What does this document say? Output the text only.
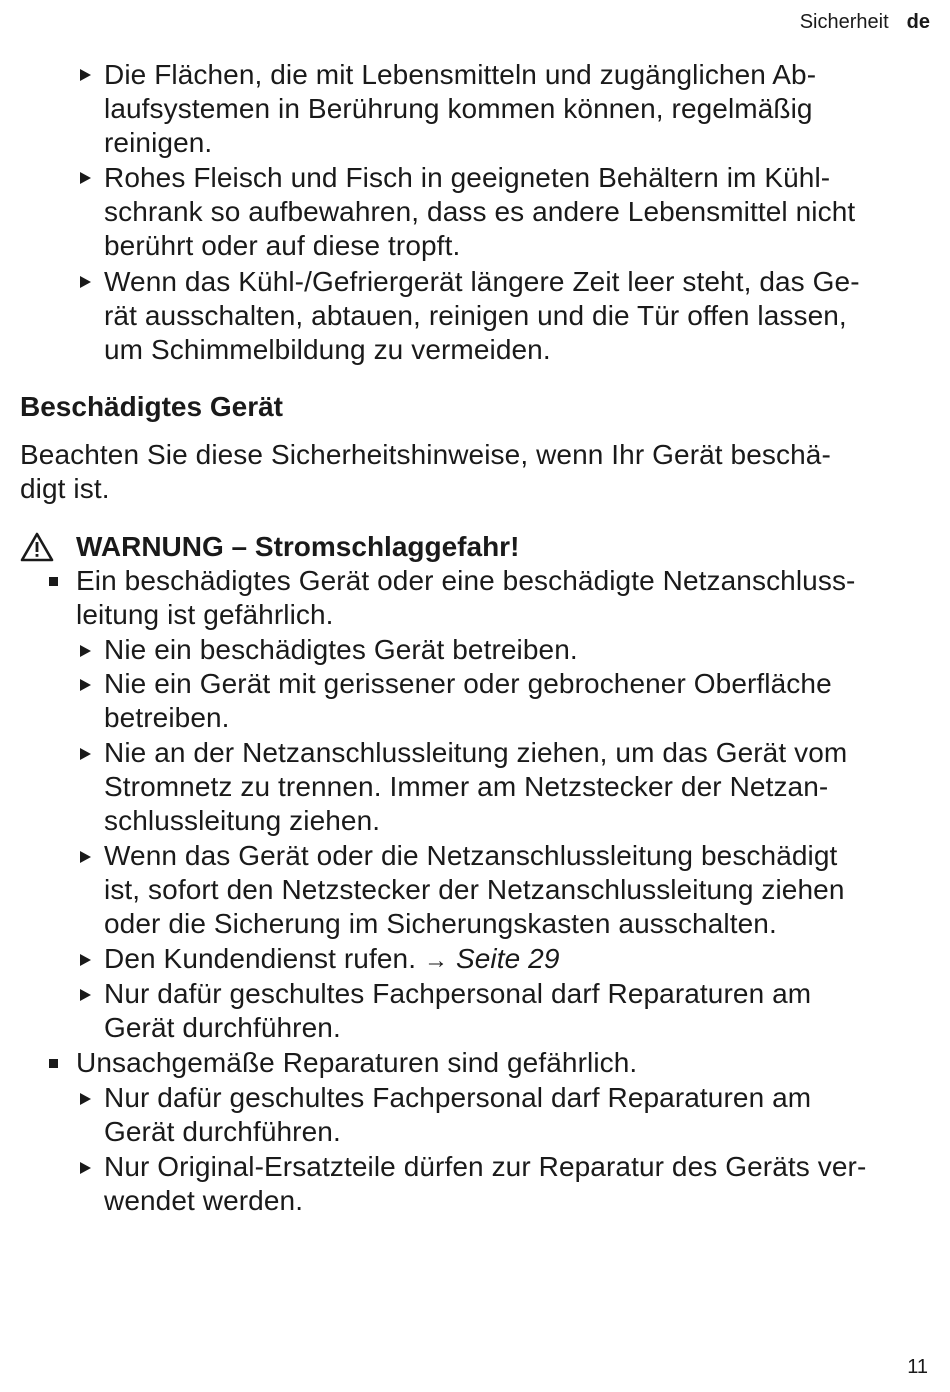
Sicherheit de
Die Flächen, die mit Lebensmitteln und zugänglichen Ab-
laufsystemen in Berührung kommen können, regelmäßig
reinigen.
Rohes Fleisch und Fisch in geeigneten Behältern im Kühl-
schrank so aufbewahren, dass es andere Lebensmittel nicht
berührt oder auf diese tropft.
Wenn das Kühl-/Gefriergerät längere Zeit leer steht, das Ge-
rät ausschalten, abtauen, reinigen und die Tür offen lassen,
um Schimmelbildung zu vermeiden.
Beschädigtes Gerät
Beachten Sie diese Sicherheitshinweise, wenn Ihr Gerät beschä-
digt ist.
WARNUNG – Stromschlaggefahr!
Ein beschädigtes Gerät oder eine beschädigte Netzanschluss-
leitung ist gefährlich.
Nie ein beschädigtes Gerät betreiben.
Nie ein Gerät mit gerissener oder gebrochener Oberfläche
betreiben.
Nie an der Netzanschlussleitung ziehen, um das Gerät vom
Stromnetz zu trennen. Immer am Netzstecker der Netzan-
schlussleitung ziehen.
Wenn das Gerät oder die Netzanschlussleitung beschädigt
ist, sofort den Netzstecker der Netzanschlussleitung ziehen
oder die Sicherung im Sicherungskasten ausschalten.
Den Kundendienst rufen. → Seite 29
Nur dafür geschultes Fachpersonal darf Reparaturen am
Gerät durchführen.
Unsachgemäße Reparaturen sind gefährlich.
Nur dafür geschultes Fachpersonal darf Reparaturen am
Gerät durchführen.
Nur Original-Ersatzteile dürfen zur Reparatur des Geräts ver-
wendet werden.
11
